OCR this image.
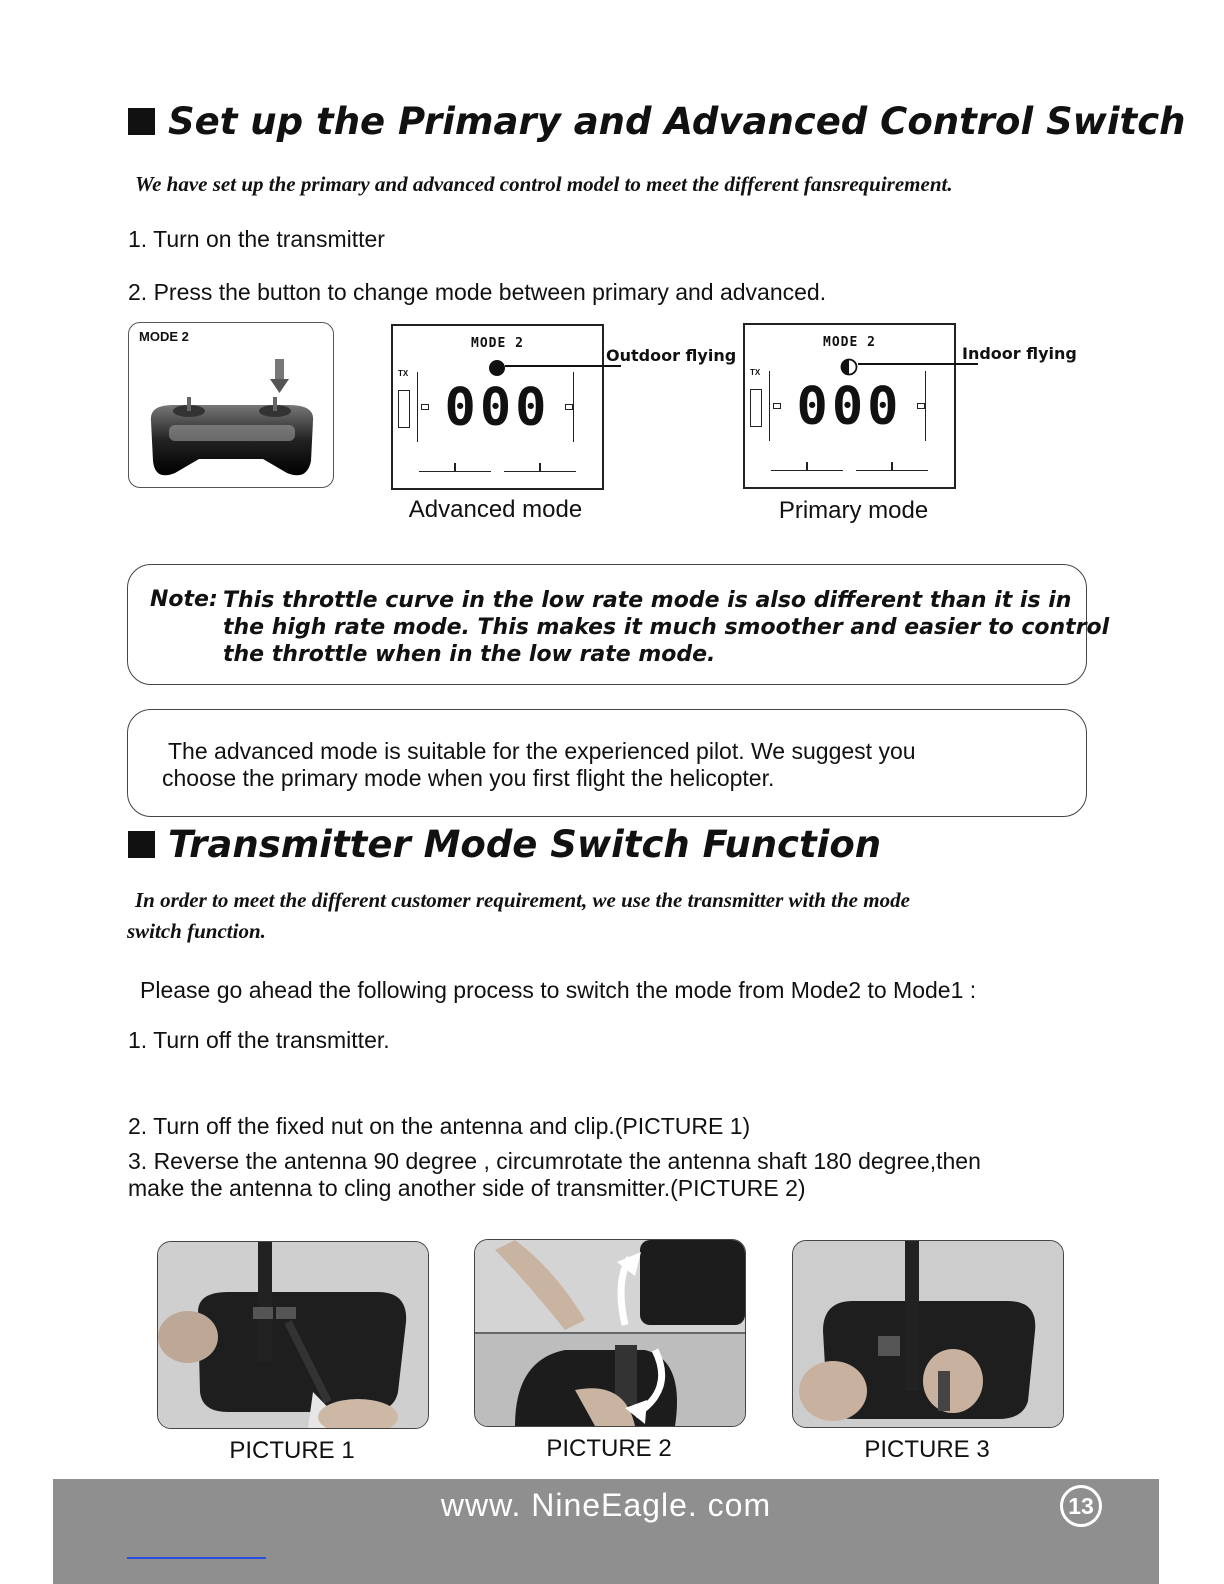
Set up the Primary and Advanced Control Switch
We have set up the primary and advanced control model to meet the different fansrequirement.
1. Turn on the transmitter
2. Press the button to change mode between primary and advanced.
MODE 2	MODE 2
TX
000
Outdoor flying
Advanced mode
MODE 2
TX
000
Indoor flying
Primary mode
Note: This throttle curve in the low rate mode is also different than it is in
the high rate mode. This makes it much smoother and easier to control
the throttle when in the low rate mode.
The advanced mode is suitable for the experienced pilot. We suggest you
choose the primary mode when you first flight the helicopter.
Transmitter Mode Switch Function
In order to meet the different customer requirement, we use the transmitter with the mode
switch function.
Please go ahead the following process to switch the mode from Mode2 to Mode1 :
1. Turn off the transmitter.
2. Turn off the fixed nut on the antenna and clip.(PICTURE 1)
3. Reverse the antenna 90 degree , circumrotate the antenna shaft 180 degree,then
make the antenna to cling another side of transmitter.(PICTURE 2)
PICTURE 1	PICTURE 2	PICTURE 3
www. NineEagle. com	13
